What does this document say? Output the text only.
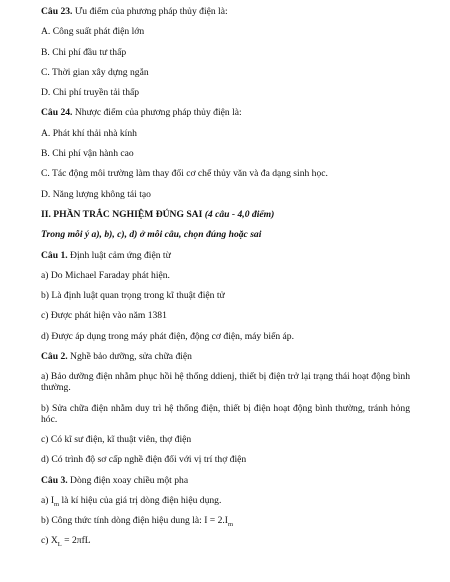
Câu 23. Ưu điểm của phương pháp thủy điện là:
A. Công suất phát điện lớn
B. Chi phí đầu tư thấp
C. Thời gian xây dựng ngắn
D. Chi phí truyền tải thấp
Câu 24. Nhược điểm của phương pháp thủy điện là:
A. Phát khí thải nhà kính
B. Chi phí vận hành cao
C. Tác động môi trường làm thay đổi cơ chế thủy văn và đa dạng sinh học.
D. Năng lượng không tái tạo
II. PHẦN TRẮC NGHIỆM ĐÚNG SAI (4 câu - 4,0 điểm)
Trong mỗi ý a), b), c), d) ở mỗi câu, chọn đúng hoặc sai
Câu 1. Định luật cảm ứng điện từ
a) Do Michael Faraday phát hiện.
b) Là định luật quan trọng trong kĩ thuật điện tử
c) Được phát hiện vào năm 1381
d) Được áp dụng trong máy phát điện, động cơ điện, máy biến áp.
Câu 2. Nghề bảo dưỡng, sửa chữa điện
a) Bảo dưỡng điện nhằm phục hồi hệ thống ddienj, thiết bị điện trở lại trạng thái hoạt động bình thường.
b) Sửa chữa điện nhằm duy trì hệ thống điện, thiết bị điện hoạt động bình thường, tránh hỏng hóc.
c) Có kĩ sư điện, kĩ thuật viên, thợ điện
d) Có trình độ sơ cấp nghề điện đối với vị trí thợ điện
Câu 3. Dòng điện xoay chiều một pha
a) $I_m$ là kí hiệu của giá trị dòng điện hiệu dụng.
b) Công thức tính dòng điện hiệu dung là: $I = 2.I_m$
c) $X_L = 2\pi fL$
